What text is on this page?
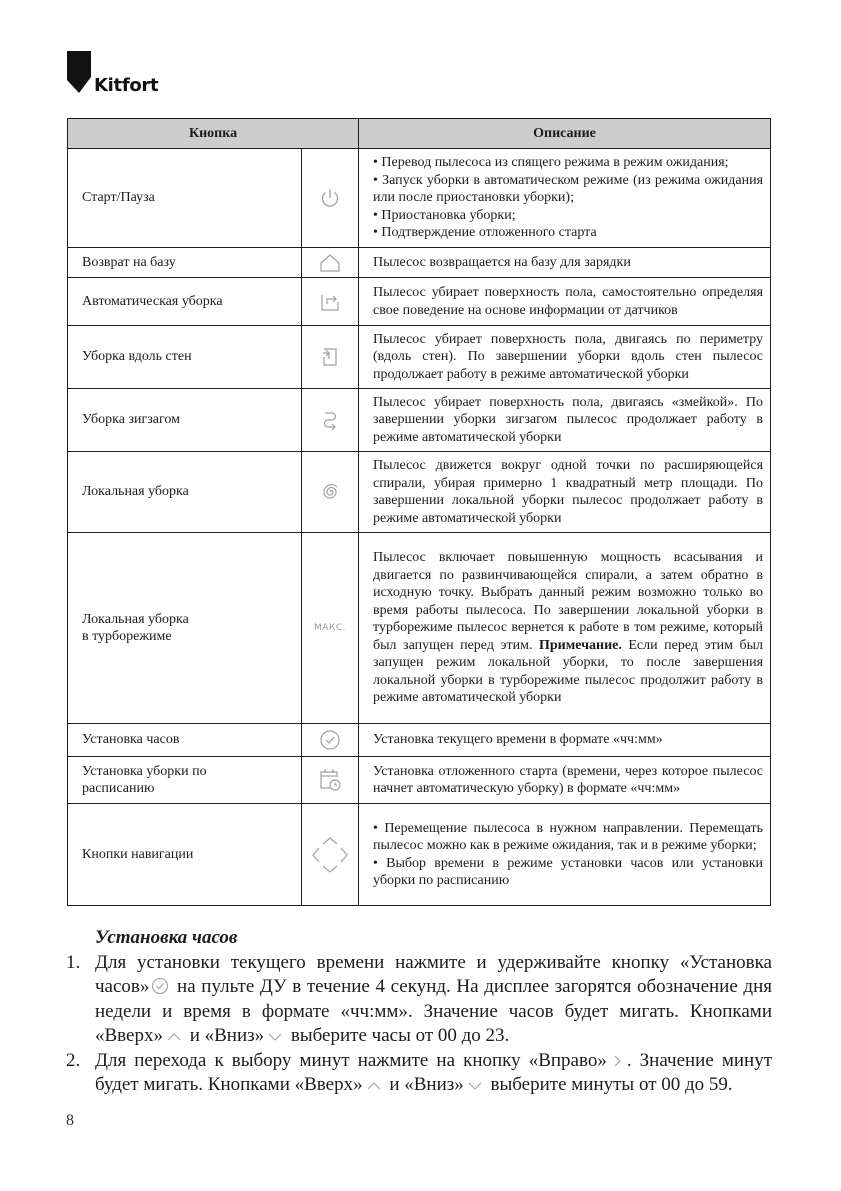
Kitfort
Кнопка		Описание
Старт/Пауза		• Перевод пылесоса из спящего режима в режим ожидания;
• Запуск уборки в автоматическом режиме (из режима ожидания или после приостановки уборки);
• Приостановка уборки;
• Подтверждение отложенного старта

Возврат на базу		Пылесос возвращается на базу для зарядки

Автоматическая уборка		Пылесос убирает поверхность пола, самостоятельно определяя свое поведение на основе информации от датчиков

Уборка вдоль стен		Пылесос убирает поверхность пола, двигаясь по периметру (вдоль стен). По завершении уборки вдоль стен пылесос продолжает работу в режиме автоматической уборки

Уборка зигзагом		Пылесос убирает поверхность пола, двигаясь «змейкой». По завершении уборки зигзагом пылесос продолжает работу в режиме автоматической уборки

Локальная уборка		Пылесос движется вокруг одной точки по расширяющейся спирали, убирая примерно 1 квадратный метр площади. По завершении локальной уборки пылесос продолжает работу в режиме автоматической уборки

Локальная уборка
в турборежиме	МАКС.	Пылесос включает повышенную мощность всасывания и двигается по развинчивающейся спирали, а затем обратно в исходную точку. Выбрать данный режим возможно только во время работы пылесоса. По завершении локальной уборки в турборежиме пылесос вернется к работе в том режиме, который был запущен перед этим. Примечание. Если перед этим был запущен режим локальной уборки, то после завершения локальной уборки в турборежиме пылесос продолжит работу в режиме автоматической уборки

Установка часов		Установка текущего времени в формате «чч:мм»

Установка уборки по
расписанию		Установка отложенного старта (времени, через которое пылесос начнет автоматическую уборку) в формате «чч:мм»

Кнопки навигации		• Перемещение пылесоса в нужном направлении. Перемещать пылесос можно как в режиме ожидания, так и в режиме уборки;
• Выбор времени в режиме установки часов или установки уборки по расписанию
Установка часов
1. Для установки текущего времени нажмите и удерживайте кнопку «Установка часов» на пульте ДУ в течение 4 секунд. На дисплее загорятся обозначение дня недели и время в формате «чч:мм». Значение часов будет мигать. Кнопками «Вверх» и «Вниз» выберите часы от 00 до 23.
2. Для перехода к выбору минут нажмите на кнопку «Вправо» . Значение минут будет мигать. Кнопками «Вверх» и «Вниз» выберите минуты от 00 до 59.
8
